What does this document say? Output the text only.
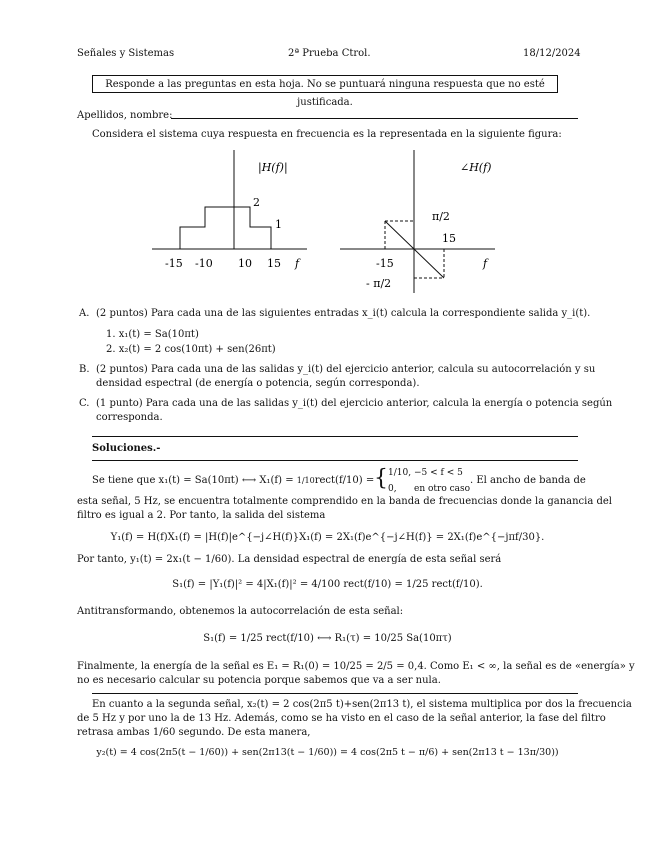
Señales y Sistemas	2ª Prueba Ctrol.	18/12/2024
Responde a las preguntas en esta hoja. No se puntuará ninguna respuesta que no esté justificada.
Apellidos, nombre:
Considera el sistema cuya respuesta en frecuencia es la representada en la siguiente figura:
|H(f)|
2
1
-15 -10 10 15 f
∠H(f)
π/2
15
-15	f
- π/2
A. (2 puntos) Para cada una de las siguientes entradas x_i(t) calcula la correspondiente salida y_i(t).
1. x₁(t) = Sa(10πt)
2. x₂(t) = 2 cos(10πt) + sen(26πt)
B. (2 puntos) Para cada una de las salidas y_i(t) del ejercicio anterior, calcula su autocorrelación y su
densidad espectral (de energía o potencia, según corresponda).
C. (1 punto) Para cada una de las salidas y_i(t) del ejercicio anterior, calcula la energía o potencia según
corresponda.
Soluciones.-
Se tiene que x₁(t) = Sa(10πt) ⟷ X₁(f) = 1/10rect(f/10) = { 1/10, −5 < f < 5
0, en otro caso
. El ancho de banda de
esta señal, 5 Hz, se encuentra totalmente comprendido en la banda de frecuencias donde la ganancia del
filtro es igual a 2. Por tanto, la salida del sistema
Y₁(f) = H(f)X₁(f) = |H(f)|e^{−j∠H(f)}X₁(f) = 2X₁(f)e^{−j∠H(f)} = 2X₁(f)e^{−jπf/30}.
Por tanto, y₁(t) = 2x₁(t − 1/60). La densidad espectral de energía de esta señal será
S₁(f) = |Y₁(f)|² = 4|X₁(f)|² = 4/100 rect(f/10) = 1/25 rect(f/10).
Antitransformando, obtenemos la autocorrelación de esta señal:
S₁(f) = 1/25 rect(f/10) ⟷ R₁(τ) = 10/25 Sa(10πτ)
Finalmente, la energía de la señal es E₁ = R₁(0) = 10/25 = 2/5 = 0,4. Como E₁ < ∞, la señal es de «energía» y
no es necesario calcular su potencia porque sabemos que va a ser nula.
En cuanto a la segunda señal, x₂(t) = 2 cos(2π5 t)+sen(2π13 t), el sistema multiplica por dos la frecuencia
de 5 Hz y por uno la de 13 Hz. Además, como se ha visto en el caso de la señal anterior, la fase del filtro
retrasa ambas 1/60 segundo. De esta manera,
y₂(t) = 4 cos(2π5(t − 1/60)) + sen(2π13(t − 1/60)) = 4 cos(2π5 t − π/6) + sen(2π13 t − 13π/30))
